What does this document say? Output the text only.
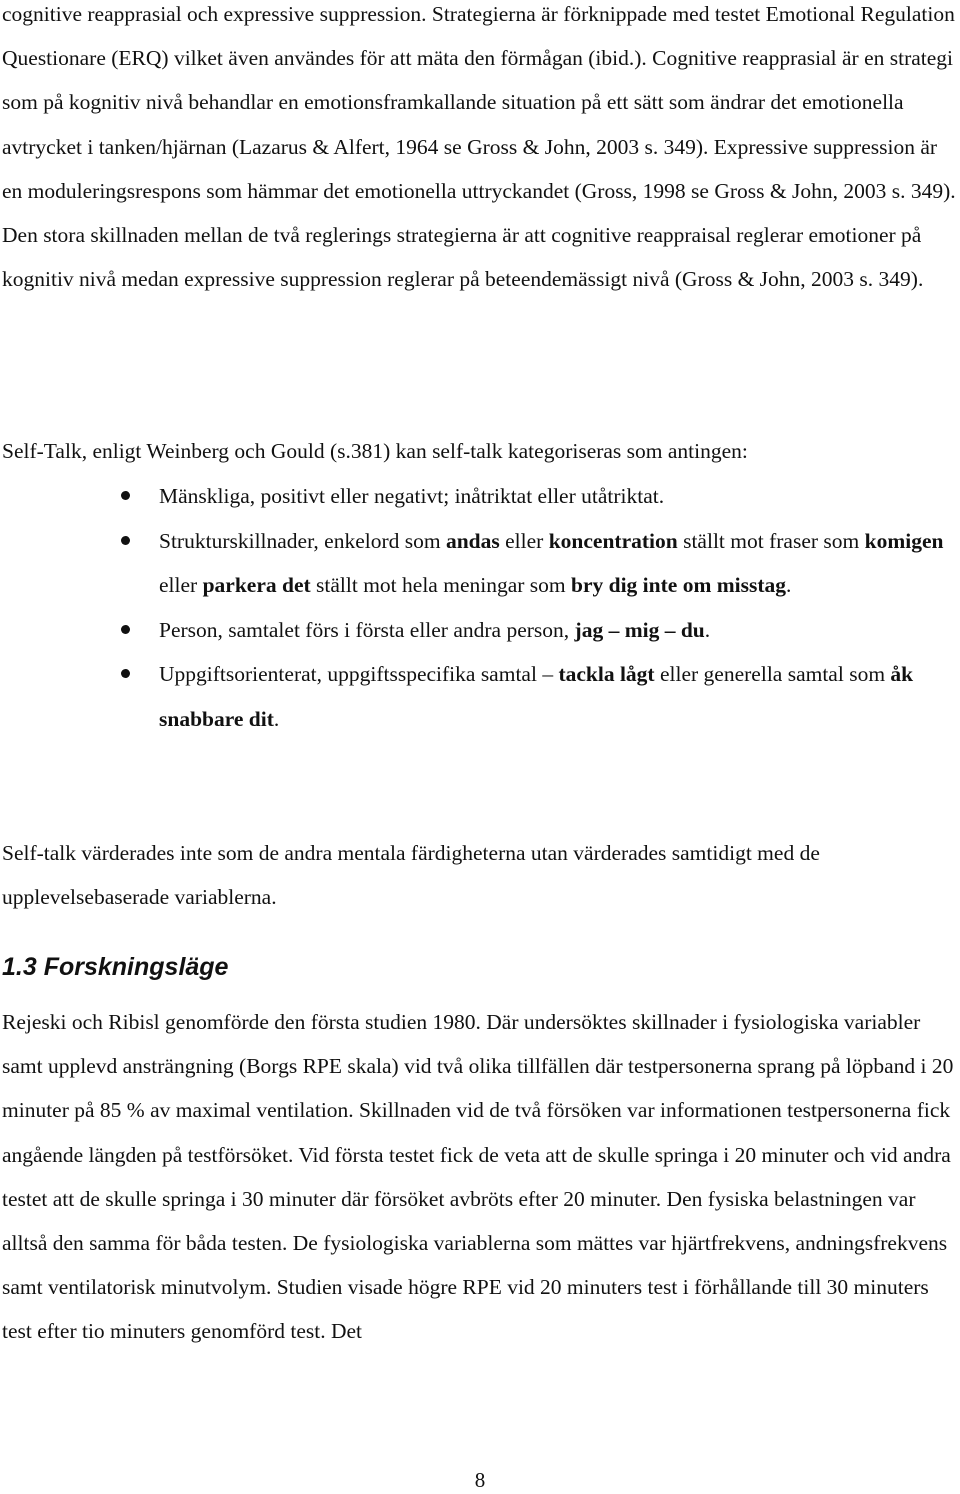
cognitive reapprasial och expressive suppression. Strategierna är förknippade med testet Emotional Regulation Questionare (ERQ) vilket även användes för att mäta den förmågan (ibid.). Cognitive reapprasial är en strategi som på kognitiv nivå behandlar en emotionsframkallande situation på ett sätt som ändrar det emotionella avtrycket i tanken/hjärnan (Lazarus & Alfert, 1964 se Gross & John, 2003 s. 349). Expressive suppression är en moduleringsrespons som hämmar det emotionella uttryckandet (Gross, 1998 se Gross & John, 2003 s. 349). Den stora skillnaden mellan de två reglerings strategierna är att cognitive reappraisal reglerar emotioner på kognitiv nivå medan expressive suppression reglerar på beteendemässigt nivå (Gross & John, 2003 s. 349).

Self-Talk, enligt Weinberg och Gould (s.381) kan self-talk kategoriseras som antingen:

Mänskliga, positivt eller negativt; inåtriktat eller utåtriktat.
Strukturskillnader, enkelord som andas eller koncentration ställt mot fraser som komigen eller parkera det ställt mot hela meningar som bry dig inte om misstag.
Person, samtalet förs i första eller andra person, jag – mig – du.
Uppgiftsorienterat, uppgiftsspecifika samtal – tackla lågt eller generella samtal som åk snabbare dit.

Self-talk värderades inte som de andra mentala färdigheterna utan värderades samtidigt med de upplevelsebaserade variablerna.

1.3 Forskningsläge

Rejeski och Ribisl genomförde den första studien 1980. Där undersöktes skillnader i fysiologiska variabler samt upplevd ansträngning (Borgs RPE skala) vid två olika tillfällen där testpersonerna sprang på löpband i 20 minuter på 85 % av maximal ventilation. Skillnaden vid de två försöken var informationen testpersonerna fick angående längden på testförsöket. Vid första testet fick de veta att de skulle springa i 20 minuter och vid andra testet att de skulle springa i 30 minuter där försöket avbröts efter 20 minuter. Den fysiska belastningen var alltså den samma för båda testen. De fysiologiska variablerna som mättes var hjärtfrekvens, andningsfrekvens samt ventilatorisk minutvolym. Studien visade högre RPE vid 20 minuters test i förhållande till 30 minuters test efter tio minuters genomförd test. Det

8
